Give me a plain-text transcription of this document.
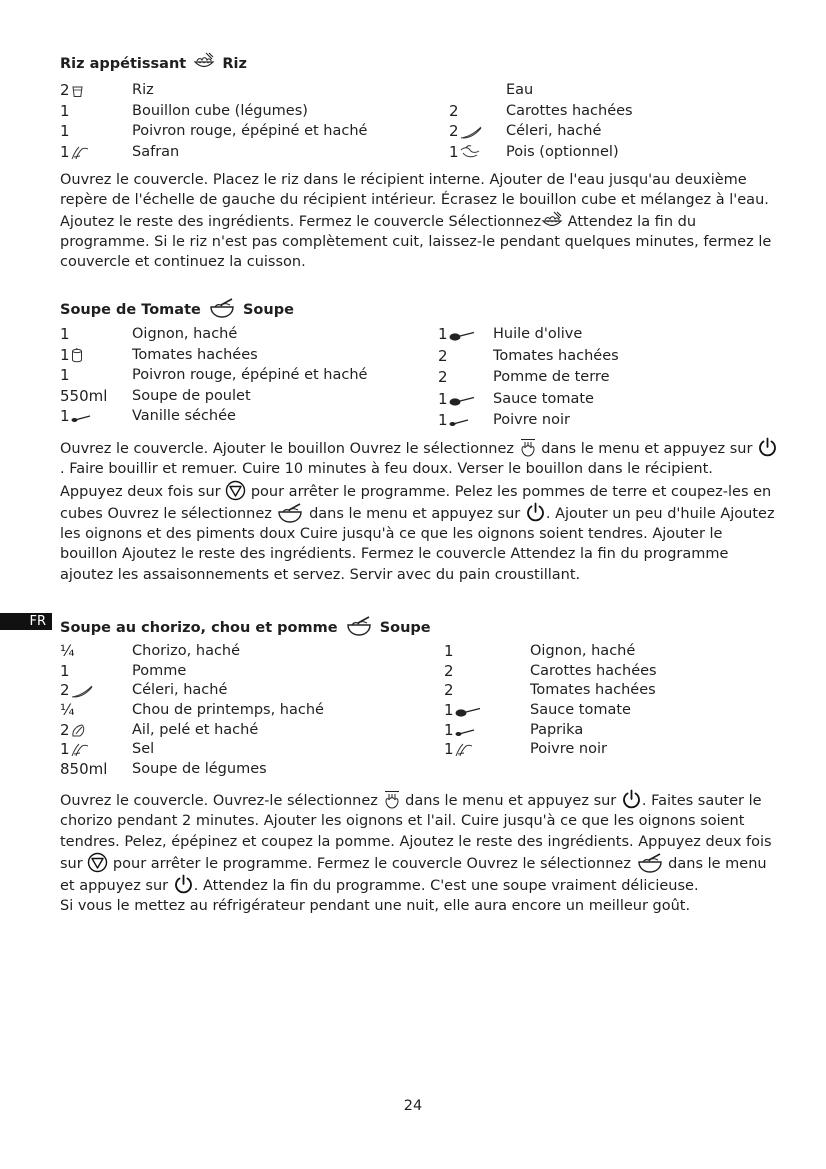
FR
Riz appétissant Riz
2	Riz
1	Bouillon cube (légumes)
1	Poivron rouge, épépiné et haché
1	Safran
Eau
2	Carottes hachées
2	Céleri, haché
1	Pois (optionnel)
Ouvrez le couvercle. Placez le riz dans le récipient interne. Ajouter de l'eau jusqu'au deuxième repère de l'échelle de gauche du récipient intérieur. Écrasez le bouillon cube et mélangez à l'eau. Ajoutez le reste des ingrédients. Fermez le couvercle Sélectionnez Attendez la fin du programme. Si le riz n'est pas complètement cuit, laissez-le pendant quelques minutes, fermez le couvercle et continuez la cuisson.
Soupe de Tomate	Soupe
1	Oignon, haché
1	Tomates hachées
1	Poivron rouge, épépiné et haché
550ml Soupe de poulet
1	Vanille séchée
1	Huile d'olive
2	Tomates hachées
2	Pomme de terre
1	Sauce tomate
1	Poivre noir
Ouvrez le couvercle. Ajouter le bouillon Ouvrez le sélectionnez  dans le menu et appuyez sur . Faire bouillir et remuer. Cuire 10 minutes à feu doux. Verser le bouillon dans le récipient. Appuyez deux fois sur  pour arrêter le programme. Pelez les pommes de terre et coupez-les en cubes Ouvrez le sélectionnez  dans le menu et appuyez sur . Ajouter un peu d'huile Ajoutez les oignons et des piments doux Cuire jusqu'à ce que les oignons soient tendres. Ajouter le bouillon Ajoutez le reste des ingrédients. Fermez le couvercle Attendez la fin du programme ajoutez les assaisonnements et servez. Servir avec du pain croustillant.
Soupe au chorizo, chou et pomme	Soupe
¼	Chorizo, haché
1	Pomme
2	Céleri, haché
¼	Chou de printemps, haché
2	Ail, pelé et haché
1	Sel
850ml Soupe de légumes
1	Oignon, haché
2	Carottes hachées
2	Tomates hachées
1	Sauce tomate
1	Paprika
1	Poivre noir
Ouvrez le couvercle. Ouvrez-le sélectionnez  dans le menu et appuyez sur . Faites sauter le chorizo pendant 2 minutes. Ajouter les oignons et l'ail. Cuire jusqu'à ce que les oignons soient tendres. Pelez, épépinez et coupez la pomme. Ajoutez le reste des ingrédients. Appuyez deux fois sur  pour arrêter le programme. Fermez le couvercle Ouvrez le sélectionnez  dans le menu et appuyez sur . Attendez la fin du programme. C'est une soupe vraiment délicieuse.
Si vous le mettez au réfrigérateur pendant une nuit, elle aura encore un meilleur goût.
24
